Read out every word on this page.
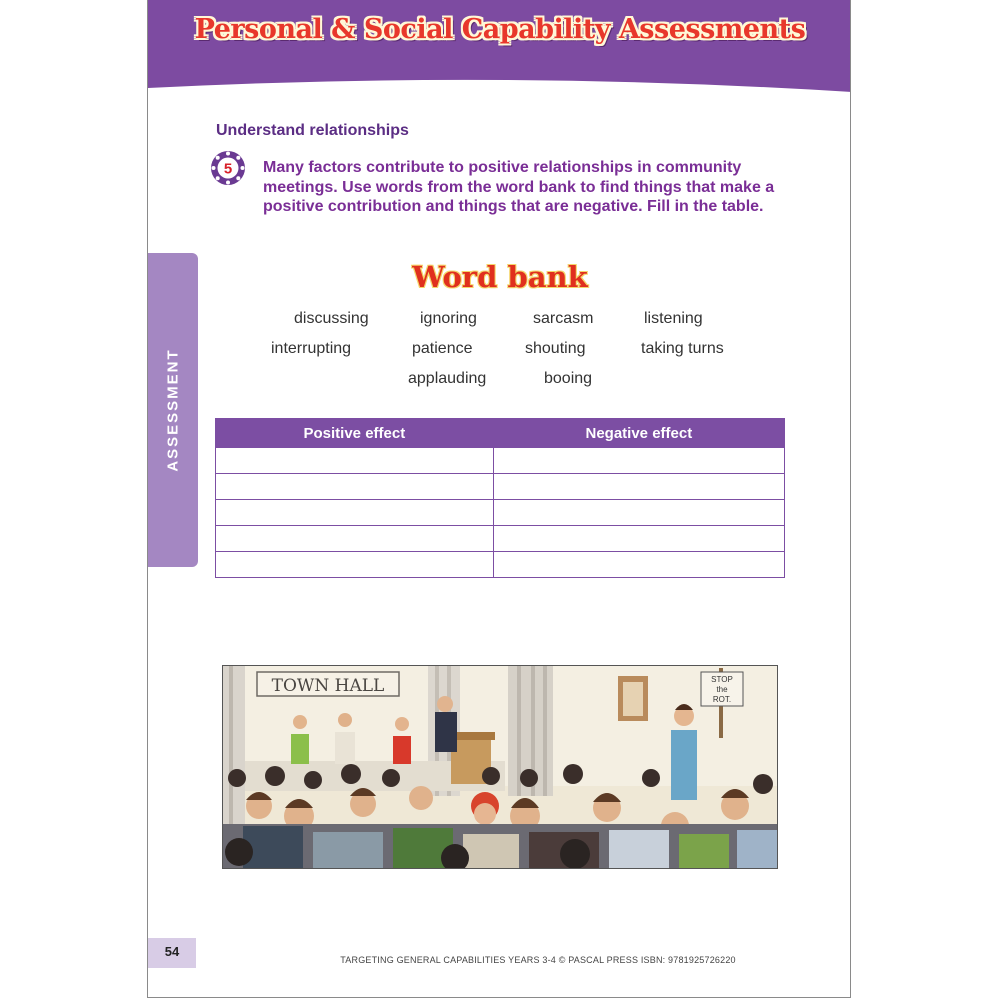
Personal & Social Capability Assessments
ASSESSMENT
Understand relationships
5 Many factors contribute to positive relationships in community meetings. Use words from the word bank to find things that make a positive contribution and things that are negative. Fill in the table.
Word bank
discussing	ignoring	sarcasm	listening
interrupting	patience	shouting	taking turns
applauding	booing
Positive effect	Negative effect

TOWN HALL	STOP
the
ROT.
54
TARGETING GENERAL CAPABILITIES YEARS 3-4 © PASCAL PRESS ISBN: 9781925726220
